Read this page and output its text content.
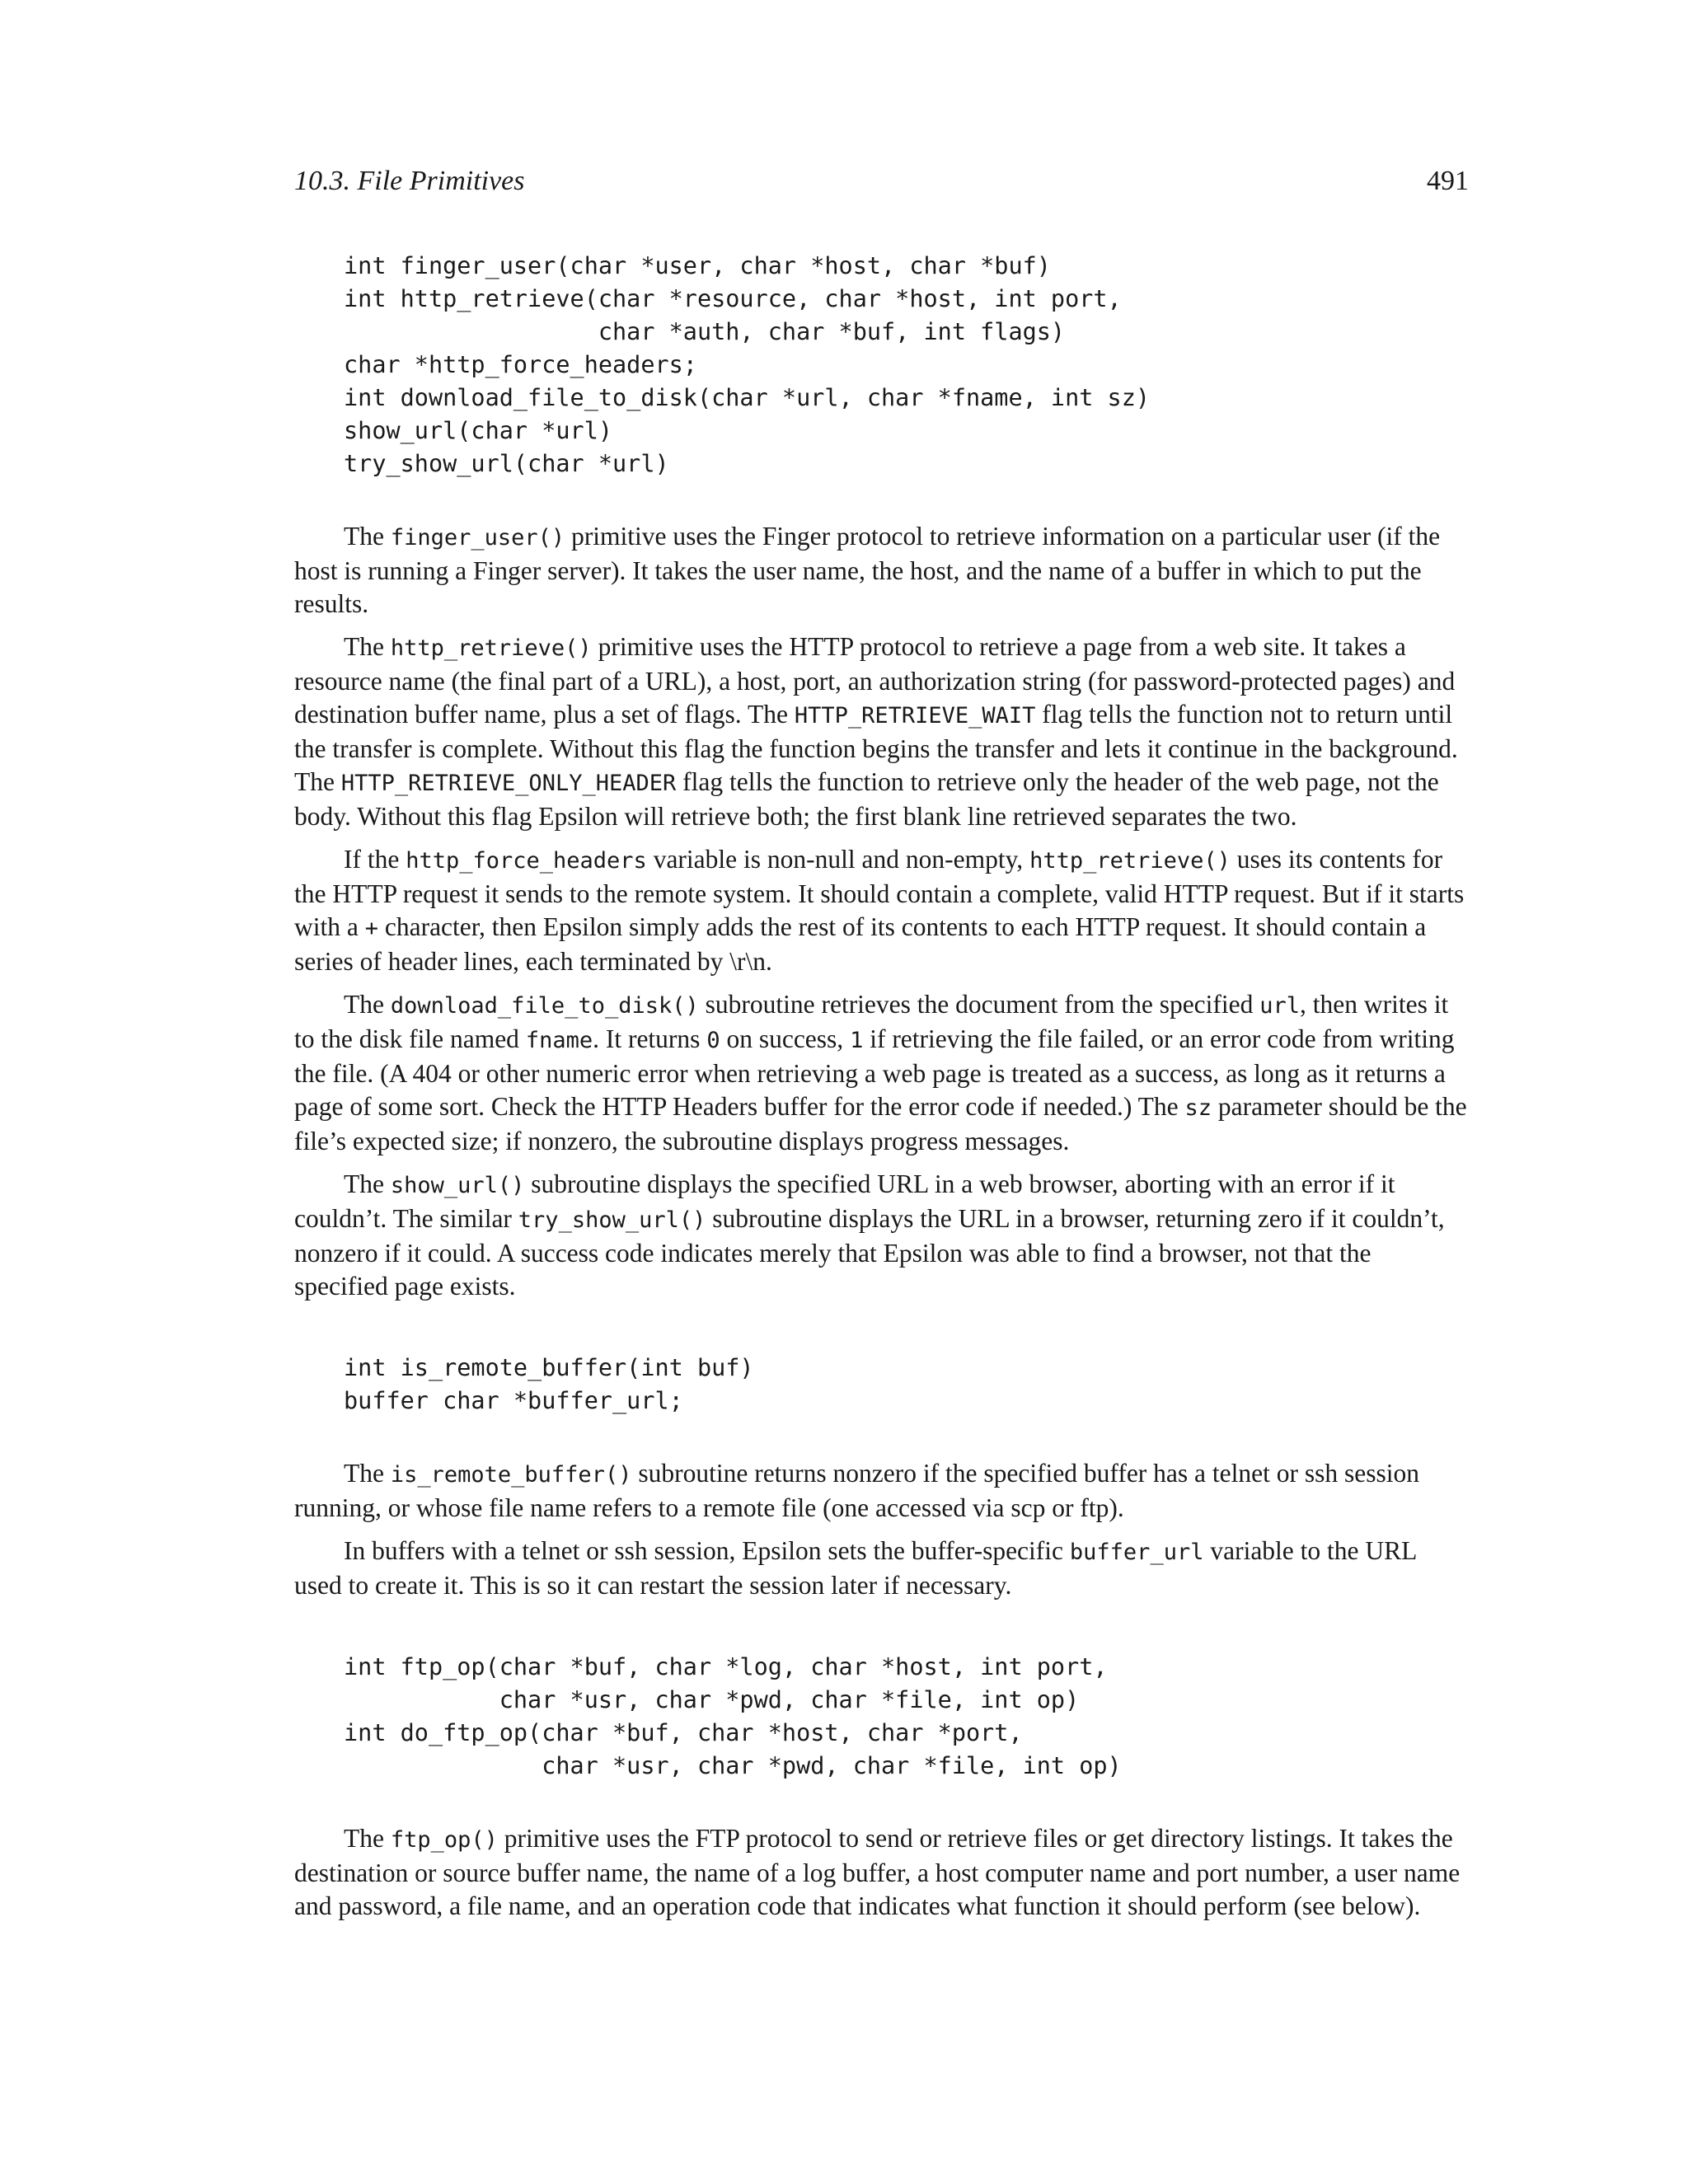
10.3. File Primitives	491
int finger_user(char *user, char *host, char *buf)
int http_retrieve(char *resource, char *host, int port,
char *auth, char *buf, int flags)
char *http_force_headers;
int download_file_to_disk(char *url, char *fname, int sz)
show_url(char *url)
try_show_url(char *url)

The finger_user() primitive uses the Finger protocol to retrieve information on a particular user (if the host is running a Finger server). It takes the user name, the host, and the name of a buffer in which to put the results.

The http_retrieve() primitive uses the HTTP protocol to retrieve a page from a web site. It takes a resource name (the final part of a URL), a host, port, an authorization string (for password-protected pages) and destination buffer name, plus a set of flags. The HTTP_RETRIEVE_WAIT flag tells the function not to return until the transfer is complete. Without this flag the function begins the transfer and lets it continue in the background. The HTTP_RETRIEVE_ONLY_HEADER flag tells the function to retrieve only the header of the web page, not the body. Without this flag Epsilon will retrieve both; the first blank line retrieved separates the two.

If the http_force_headers variable is non-null and non-empty, http_retrieve() uses its contents for the HTTP request it sends to the remote system. It should contain a complete, valid HTTP request. But if it starts with a + character, then Epsilon simply adds the rest of its contents to each HTTP request. It should contain a series of header lines, each terminated by \r\n.

The download_file_to_disk() subroutine retrieves the document from the specified url, then writes it to the disk file named fname. It returns 0 on success, 1 if retrieving the file failed, or an error code from writing the file. (A 404 or other numeric error when retrieving a web page is treated as a success, as long as it returns a page of some sort. Check the HTTP Headers buffer for the error code if needed.) The sz parameter should be the file’s expected size; if nonzero, the subroutine displays progress messages.

The show_url() subroutine displays the specified URL in a web browser, aborting with an error if it couldn’t. The similar try_show_url() subroutine displays the URL in a browser, returning zero if it couldn’t, nonzero if it could. A success code indicates merely that Epsilon was able to find a browser, not that the specified page exists.

int is_remote_buffer(int buf)
buffer char *buffer_url;

The is_remote_buffer() subroutine returns nonzero if the specified buffer has a telnet or ssh session running, or whose file name refers to a remote file (one accessed via scp or ftp).

In buffers with a telnet or ssh session, Epsilon sets the buffer-specific buffer_url variable to the URL used to create it. This is so it can restart the session later if necessary.

int ftp_op(char *buf, char *log, char *host, int port,
char *usr, char *pwd, char *file, int op)
int do_ftp_op(char *buf, char *host, char *port,
char *usr, char *pwd, char *file, int op)

The ftp_op() primitive uses the FTP protocol to send or retrieve files or get directory listings. It takes the destination or source buffer name, the name of a log buffer, a host computer name and port number, a user name and password, a file name, and an operation code that indicates what function it should perform (see below).
